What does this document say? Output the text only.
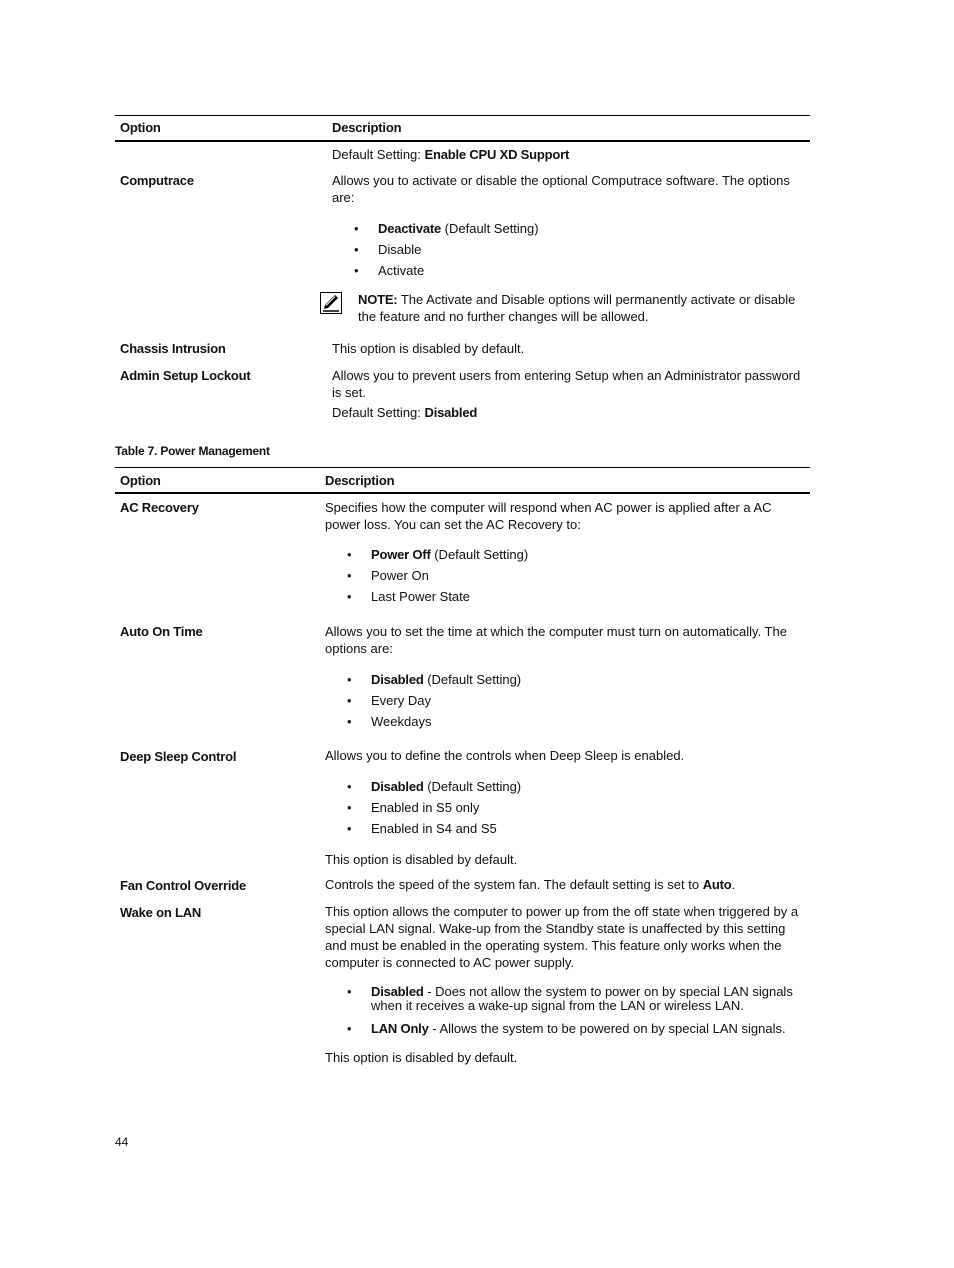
Option	Description
Default Setting: Enable CPU XD Support
Computrace	Allows you to activate or disable the optional Computrace software. The options are:

• Deactivate (Default Setting)
• Disable
• Activate
NOTE: The Activate and Disable options will permanently activate or disable the feature and no further changes will be allowed.
Chassis Intrusion	This option is disabled by default.
Admin Setup Lockout	Allows you to prevent users from entering Setup when an Administrator password is set.

Default Setting: Disabled

Table 7. Power Management
Option	Description
AC Recovery	Specifies how the computer will respond when AC power is applied after a AC power loss. You can set the AC Recovery to:

• Power Off (Default Setting)
• Power On
• Last Power State
Auto On Time	Allows you to set the time at which the computer must turn on automatically. The options are:

• Disabled (Default Setting)
• Every Day
• Weekdays
Deep Sleep Control	Allows you to define the controls when Deep Sleep is enabled.

• Disabled (Default Setting)
• Enabled in S5 only
• Enabled in S4 and S5

This option is disabled by default.

Fan Control Override	Controls the speed of the system fan. The default setting is set to Auto.
Wake on LAN	This option allows the computer to power up from the off state when triggered by a special LAN signal. Wake-up from the Standby state is unaffected by this setting and must be enabled in the operating system. This feature only works when the computer is connected to AC power supply.

• Disabled - Does not allow the system to power on by special LAN signals when it receives a wake-up signal from the LAN or wireless LAN.
• LAN Only - Allows the system to be powered on by special LAN signals.

This option is disabled by default.

44
